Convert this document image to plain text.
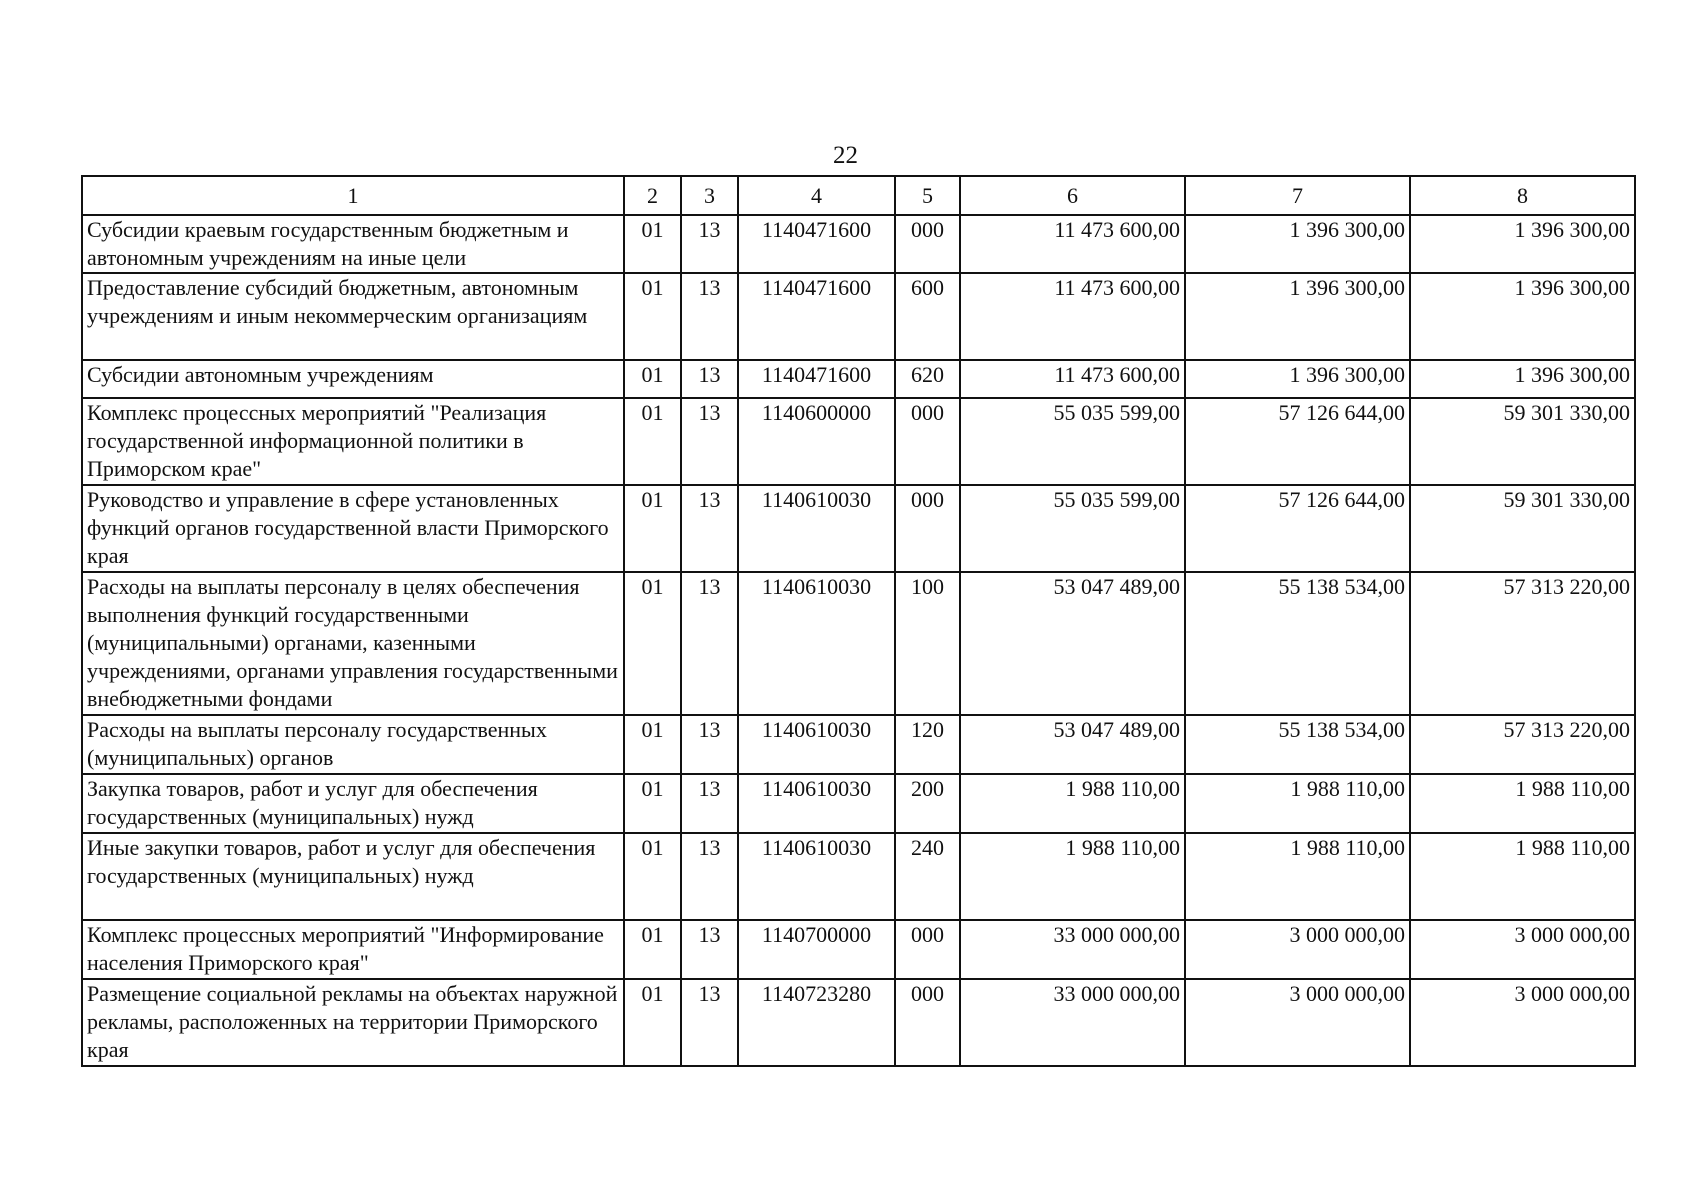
22
1	2	3	4	5	6	7	8
Субсидии краевым государственным бюджетным и автономным учреждениям на иные цели	01	13	1140471600	000	11 473 600,00	1 396 300,00	1 396 300,00
Предоставление субсидий бюджетным, автономным учреждениям и иным некоммерческим организациям	01	13	1140471600	600	11 473 600,00	1 396 300,00	1 396 300,00
Субсидии автономным учреждениям	01	13	1140471600	620	11 473 600,00	1 396 300,00	1 396 300,00
Комплекс процессных мероприятий "Реализация государственной информационной политики в Приморском крае"	01	13	1140600000	000	55 035 599,00	57 126 644,00	59 301 330,00
Руководство и управление в сфере установленных функций органов государственной власти Приморского края	01	13	1140610030	000	55 035 599,00	57 126 644,00	59 301 330,00
Расходы на выплаты персоналу в целях обеспечения выполнения функций государственными (муниципальными) органами, казенными учреждениями, органами управления государственными внебюджетными фондами	01	13	1140610030	100	53 047 489,00	55 138 534,00	57 313 220,00
Расходы на выплаты персоналу государственных (муниципальных) органов	01	13	1140610030	120	53 047 489,00	55 138 534,00	57 313 220,00
Закупка товаров, работ и услуг для обеспечения государственных (муниципальных) нужд	01	13	1140610030	200	1 988 110,00	1 988 110,00	1 988 110,00
Иные закупки товаров, работ и услуг для обеспечения государственных (муниципальных) нужд	01	13	1140610030	240	1 988 110,00	1 988 110,00	1 988 110,00
Комплекс процессных мероприятий "Информирование населения Приморского края"	01	13	1140700000	000	33 000 000,00	3 000 000,00	3 000 000,00
Размещение социальной рекламы на объектах наружной рекламы, расположенных на территории Приморского края	01	13	1140723280	000	33 000 000,00	3 000 000,00	3 000 000,00
